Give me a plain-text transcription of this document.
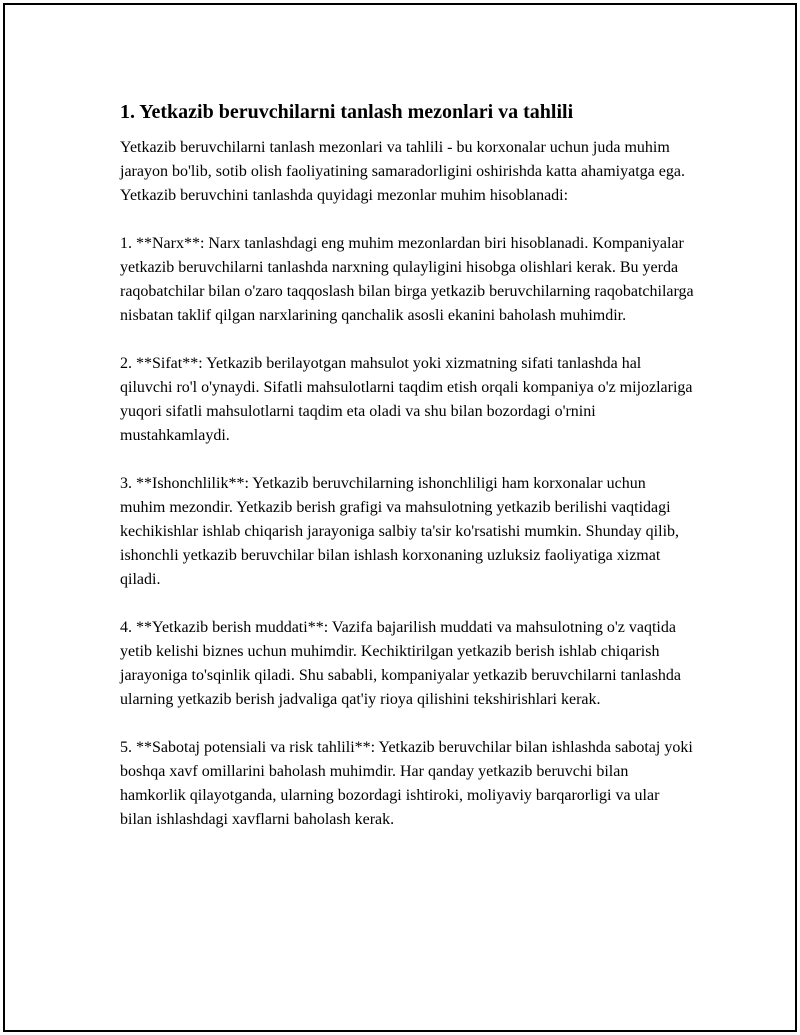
1. Yetkazib beruvchilarni tanlash mezonlari va tahlili

Yetkazib beruvchilarni tanlash mezonlari va tahlili - bu korxonalar uchun juda muhim jarayon bo'lib, sotib olish faoliyatining samaradorligini oshirishda katta ahamiyatga ega. Yetkazib beruvchini tanlashda quyidagi mezonlar muhim hisoblanadi:

1. **Narx**: Narx tanlashdagi eng muhim mezonlardan biri hisoblanadi. Kompaniyalar yetkazib beruvchilarni tanlashda narxning qulayligini hisobga olishlari kerak. Bu yerda raqobatchilar bilan o'zaro taqqoslash bilan birga yetkazib beruvchilarning raqobatchilarga nisbatan taklif qilgan narxlarining qanchalik asosli ekanini baholash muhimdir.

2. **Sifat**: Yetkazib berilayotgan mahsulot yoki xizmatning sifati tanlashda hal qiluvchi ro'l o'ynaydi. Sifatli mahsulotlarni taqdim etish orqali kompaniya o'z mijozlariga yuqori sifatli mahsulotlarni taqdim eta oladi va shu bilan bozordagi o'rnini mustahkamlaydi.

3. **Ishonchlilik**: Yetkazib beruvchilarning ishonchliligi ham korxonalar uchun muhim mezondir. Yetkazib berish grafigi va mahsulotning yetkazib berilishi vaqtidagi kechikishlar ishlab chiqarish jarayoniga salbiy ta'sir ko'rsatishi mumkin. Shunday qilib, ishonchli yetkazib beruvchilar bilan ishlash korxonaning uzluksiz faoliyatiga xizmat qiladi.

4. **Yetkazib berish muddati**: Vazifa bajarilish muddati va mahsulotning o'z vaqtida yetib kelishi biznes uchun muhimdir. Kechiktirilgan yetkazib berish ishlab chiqarish jarayoniga to'sqinlik qiladi. Shu sababli, kompaniyalar yetkazib beruvchilarni tanlashda ularning yetkazib berish jadvaliga qat'iy rioya qilishini tekshirishlari kerak.

5. **Sabotaj potensiali va risk tahlili**: Yetkazib beruvchilar bilan ishlashda sabotaj yoki boshqa xavf omillarini baholash muhimdir. Har qanday yetkazib beruvchi bilan hamkorlik qilayotganda, ularning bozordagi ishtiroki, moliyaviy barqarorligi va ular bilan ishlashdagi xavflarni baholash kerak.
